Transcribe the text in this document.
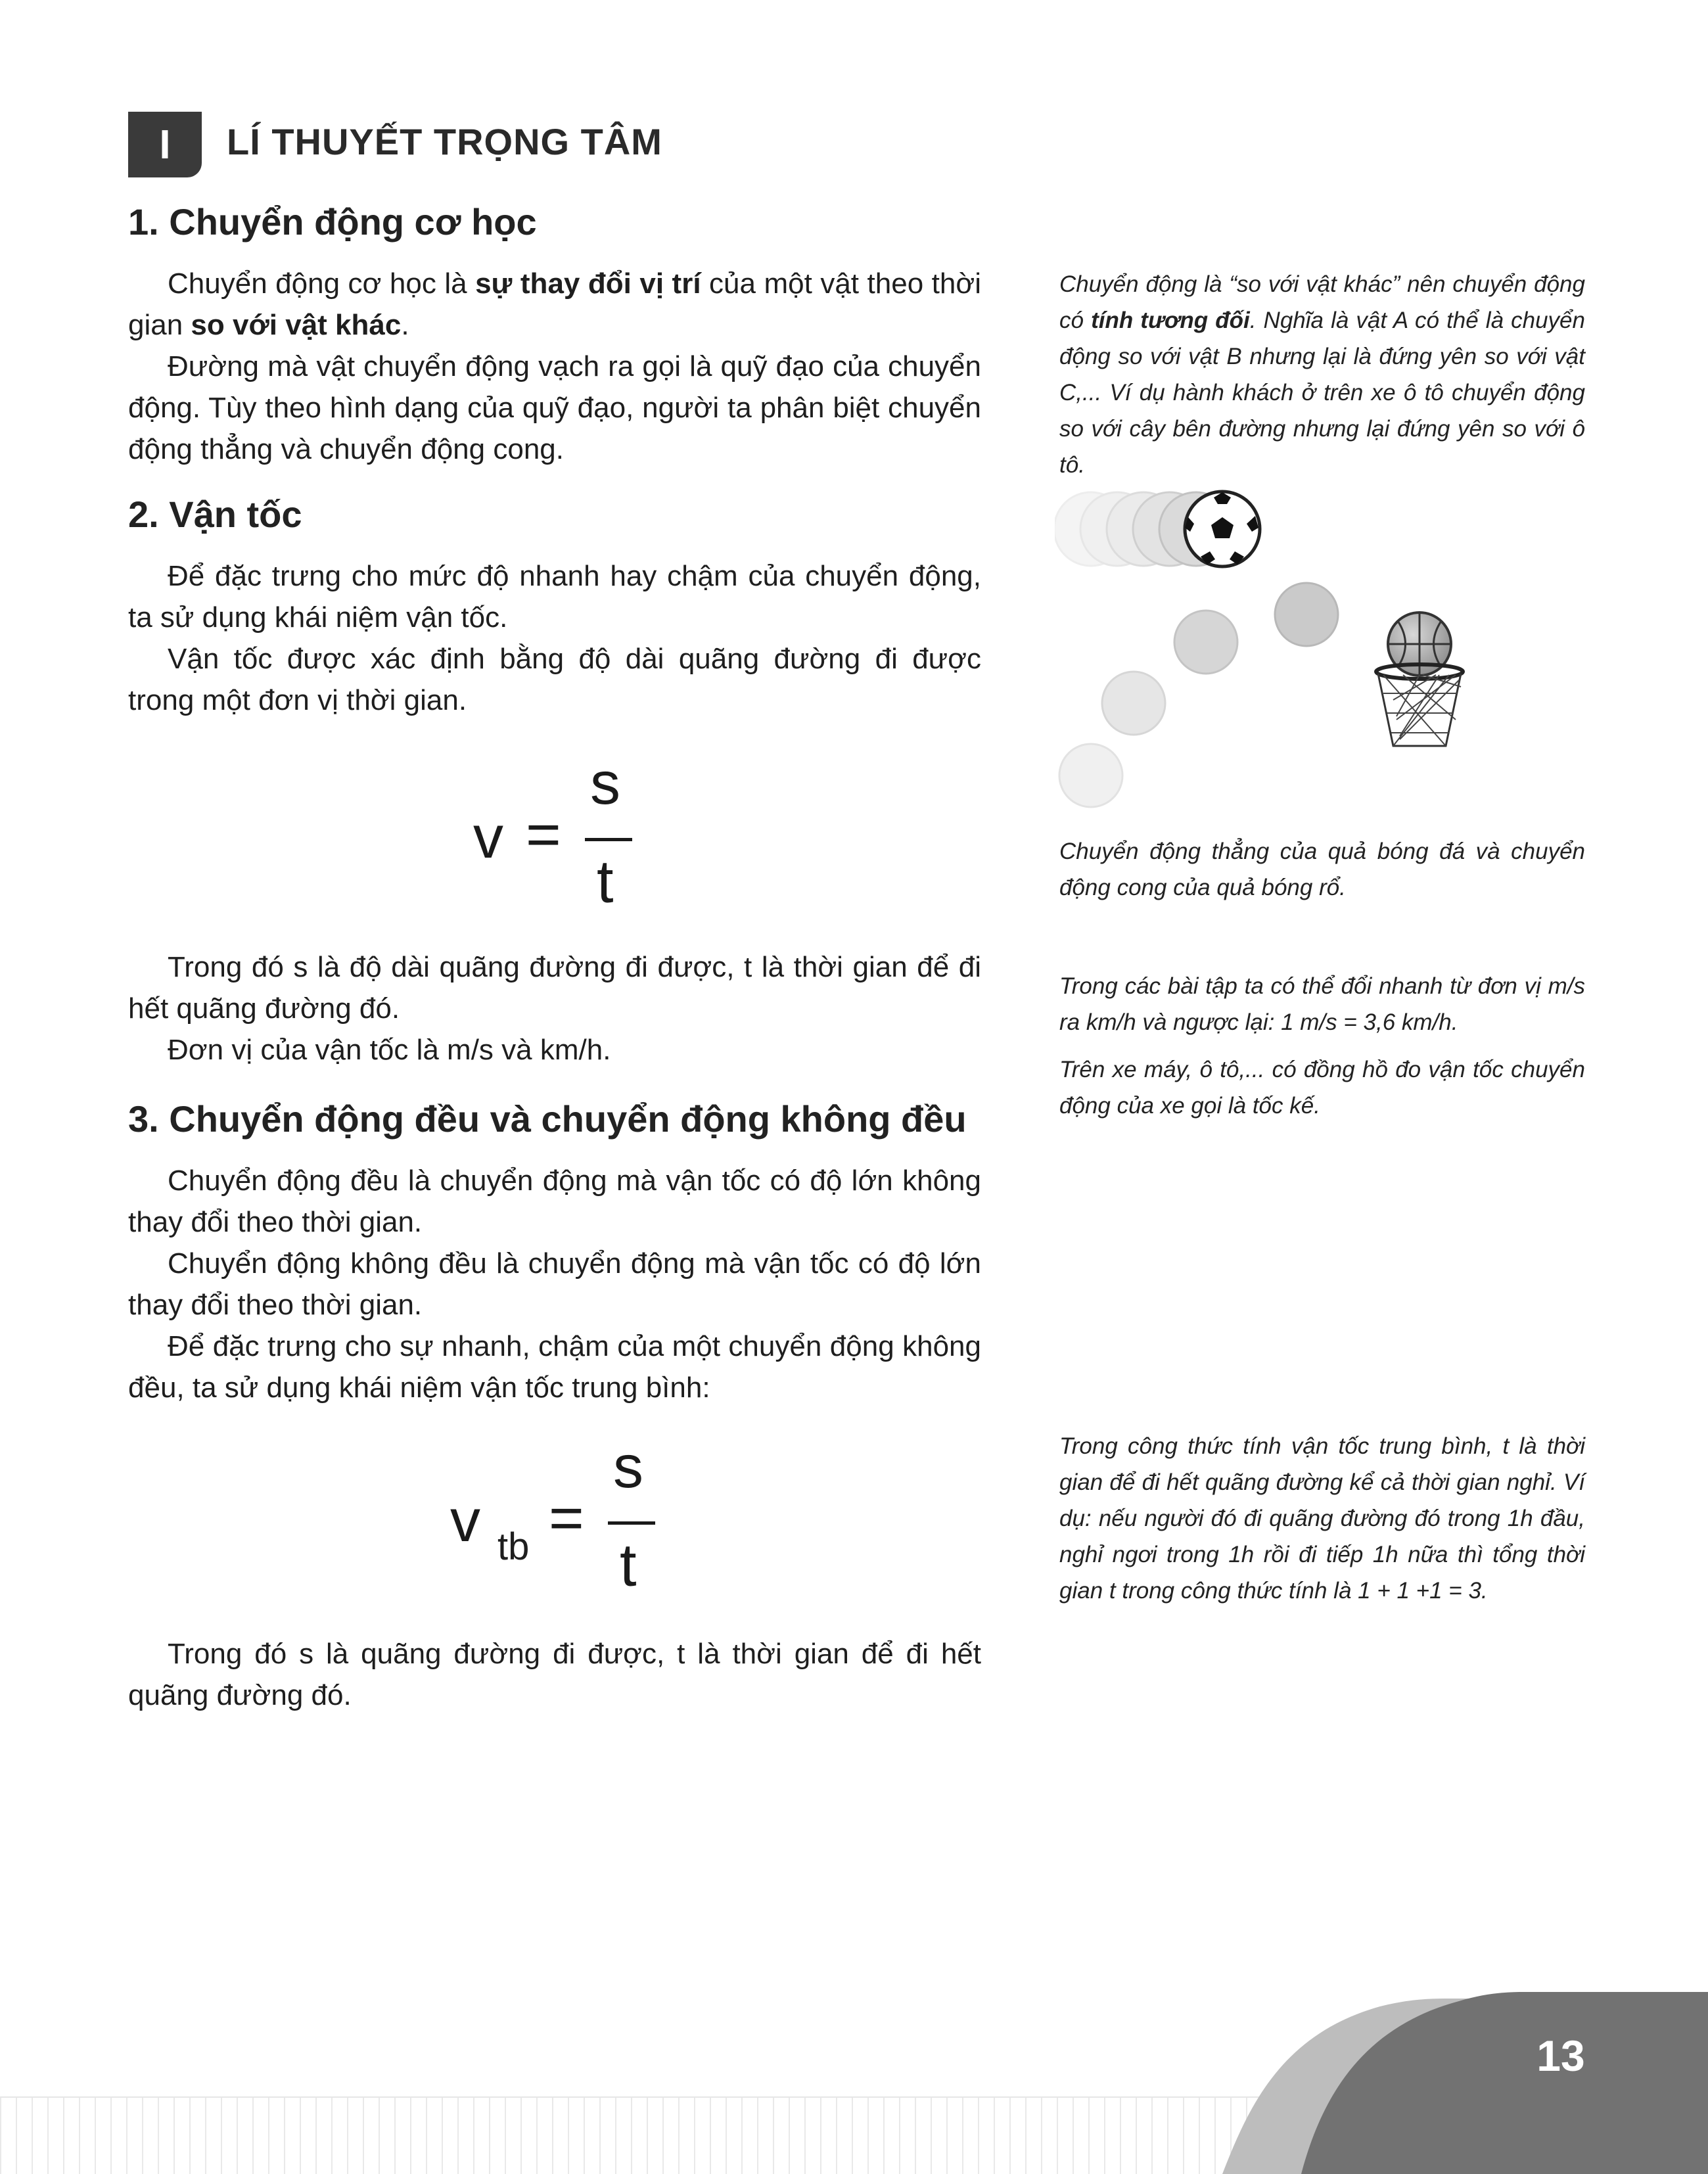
I	LÍ THUYẾT TRỌNG TÂM
1. Chuyển động cơ học

Chuyển động cơ học là sự thay đổi vị trí của một vật theo thời gian so với vật khác.

Đường mà vật chuyển động vạch ra gọi là quỹ đạo của chuyển động. Tùy theo hình dạng của quỹ đạo, người ta phân biệt chuyển động thẳng và chuyển động cong.

2. Vận tốc

Để đặc trưng cho mức độ nhanh hay chậm của chuyển động, ta sử dụng khái niệm vận tốc.

Vận tốc được xác định bằng độ dài quãng đường đi được trong một đơn vị thời gian.

v =
s
t

Trong đó s là độ dài quãng đường đi được, t là thời gian để đi hết quãng đường đó.

Đơn vị của vận tốc là m/s và km/h.

3. Chuyển động đều và chuyển động không đều

Chuyển động đều là chuyển động mà vận tốc có độ lớn không thay đổi theo thời gian.

Chuyển động không đều là chuyển động mà vận tốc có độ lớn thay đổi theo thời gian.

Để đặc trưng cho sự nhanh, chậm của một chuyển động không đều, ta sử dụng khái niệm vận tốc trung bình:

v tb =
s
t

Trong đó s là quãng đường đi được, t là thời gian để đi hết quãng đường đó.

Chuyển động là “so với vật khác” nên chuyển động có tính tương đối. Nghĩa là vật A có thể là chuyển động so với vật B nhưng lại là đứng yên so với vật C,... Ví dụ hành khách ở trên xe ô tô chuyển động so với cây bên đường nhưng lại đứng yên so với ô tô.

Chuyển động thẳng của quả bóng đá và chuyển động cong của quả bóng rổ.

Trong các bài tập ta có thể đổi nhanh từ đơn vị m/s ra km/h và ngược lại: 1 m/s = 3,6 km/h.

Trên xe máy, ô tô,... có đồng hồ đo vận tốc chuyển động của xe gọi là tốc kế.

Trong công thức tính vận tốc trung bình, t là thời gian để đi hết quãng đường kể cả thời gian nghỉ. Ví dụ: nếu người đó đi quãng đường đó trong 1h đầu, nghỉ ngơi trong 1h rồi đi tiếp 1h nữa thì tổng thời gian t trong công thức tính là 1 + 1 +1 = 3.

13
